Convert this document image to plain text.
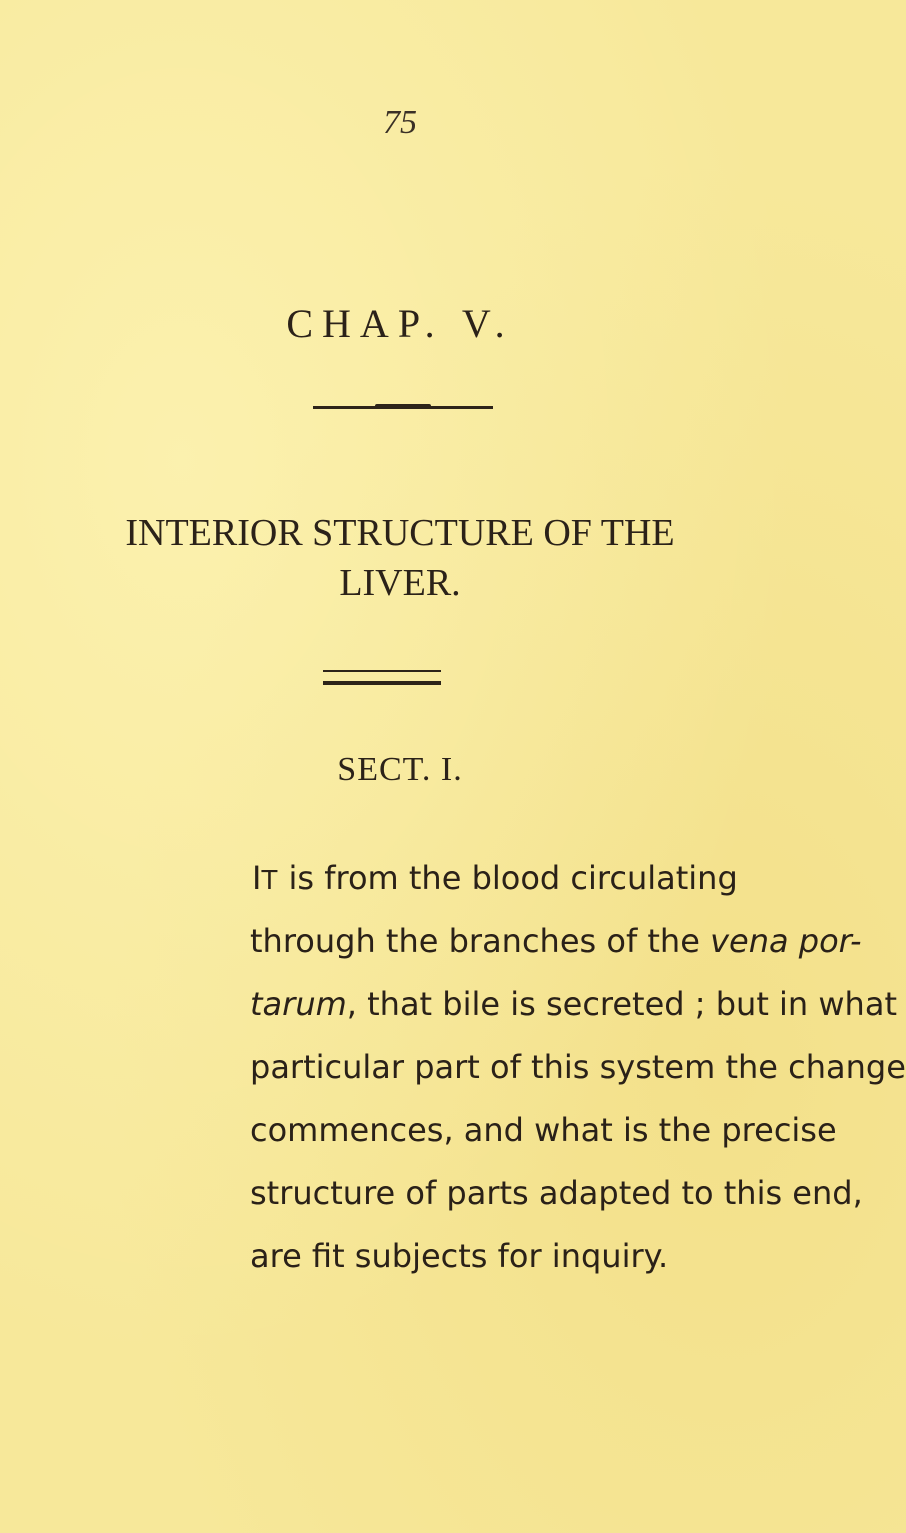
75
CHAP. V.
INTERIOR STRUCTURE OF THE
LIVER.
SECT. I.
IT is from the blood circulating
through the branches of the vena por-
tarum, that bile is secreted ; but in what
particular part of this system the change
commences, and what is the precise
structure of parts adapted to this end,
are fit subjects for inquiry.
